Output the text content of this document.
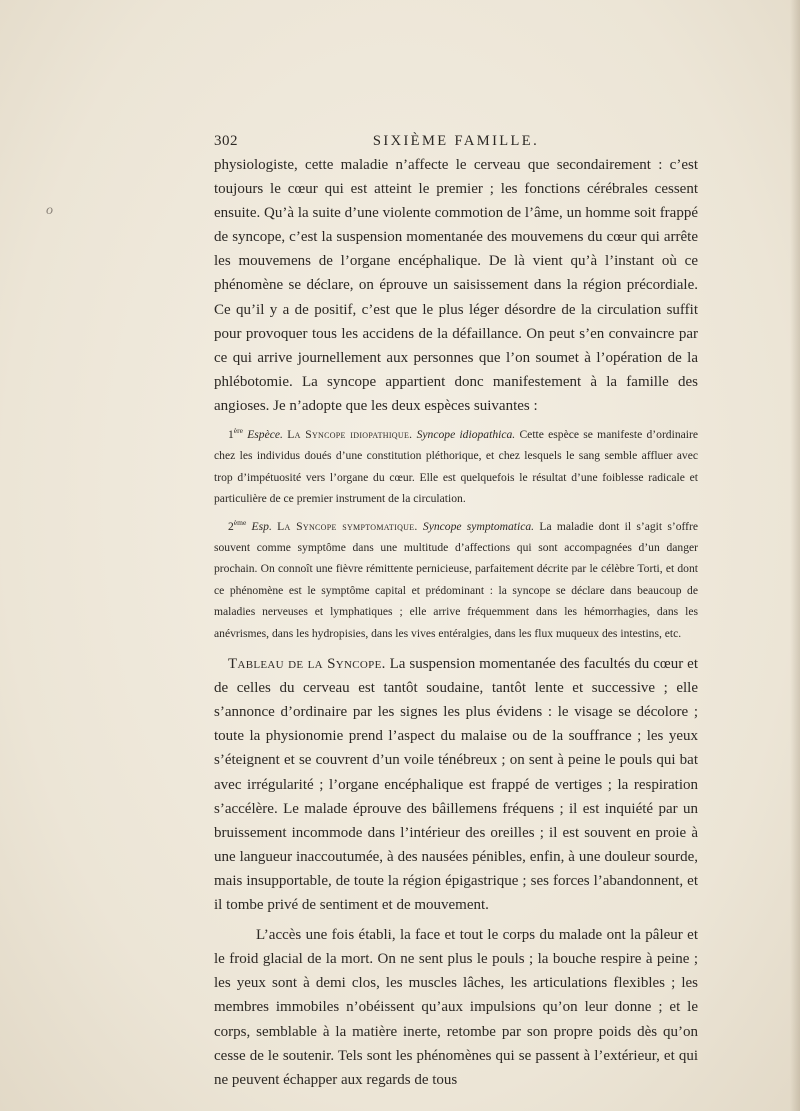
302	SIXIÈME FAMILLE.
o

physiologiste, cette maladie n’affecte le cerveau que secondairement : c’est toujours le cœur qui est atteint le premier ; les fonctions cérébrales cessent ensuite. Qu’à la suite d’une violente commotion de l’âme, un homme soit frappé de syncope, c’est la suspension momentanée des mouvemens du cœur qui arrête les mouvemens de l’organe encéphalique. De là vient qu’à l’instant où ce phénomène se déclare, on éprouve un saisissement dans la région précordiale. Ce qu’il y a de positif, c’est que le plus léger désordre de la circulation suffit pour provoquer tous les accidens de la défaillance. On peut s’en convaincre par ce qui arrive journellement aux personnes que l’on soumet à l’opération de la phlébotomie. La syncope appartient donc manifestement à la famille des angioses. Je n’adopte que les deux espèces suivantes :

1ère Espèce. La Syncope idiopathique. Syncope idiopathica. Cette espèce se manifeste d’ordinaire chez les individus doués d’une constitution pléthorique, et chez lesquels le sang semble affluer avec trop d’impétuosité vers l’organe du cœur. Elle est quelquefois le résultat d’une foiblesse radicale et particulière de ce premier instrument de la circulation.

2ème Esp. La Syncope symptomatique. Syncope symptomatica. La maladie dont il s’agit s’offre souvent comme symptôme dans une multitude d’affections qui sont accompagnées d’un danger prochain. On connoît une fièvre rémittente pernicieuse, parfaitement décrite par le célèbre Torti, et dont ce phénomène est le symptôme capital et prédominant : la syncope se déclare dans beaucoup de maladies nerveuses et lymphatiques ; elle arrive fréquemment dans les hémorrhagies, dans les anévrismes, dans les hydropisies, dans les vives entéralgies, dans les flux muqueux des intestins, etc.

Tableau de la Syncope. La suspension momentanée des facultés du cœur et de celles du cerveau est tantôt soudaine, tantôt lente et successive ; elle s’annonce d’ordinaire par les signes les plus évidens : le visage se décolore ; toute la physionomie prend l’aspect du malaise ou de la souffrance ; les yeux s’éteignent et se couvrent d’un voile ténébreux ; on sent à peine le pouls qui bat avec irrégularité ; l’organe encéphalique est frappé de vertiges ; la respiration s’accélère. Le malade éprouve des bâillemens fréquens ; il est inquiété par un bruissement incommode dans l’intérieur des oreilles ; il est souvent en proie à une langueur inaccoutumée, à des nausées pénibles, enfin, à une douleur sourde, mais insupportable, de toute la région épigastrique ; ses forces l’abandonnent, et il tombe privé de sentiment et de mouvement.

L’accès une fois établi, la face et tout le corps du malade ont la pâleur et le froid glacial de la mort. On ne sent plus le pouls ; la bouche respire à peine ; les yeux sont à demi clos, les muscles lâches, les articulations flexibles ; les membres immobiles n’obéissent qu’aux impulsions qu’on leur donne ; et le corps, semblable à la matière inerte, retombe par son propre poids dès qu’on cesse de le soutenir. Tels sont les phénomènes qui se passent à l’extérieur, et qui ne peuvent échapper aux regards de tous
